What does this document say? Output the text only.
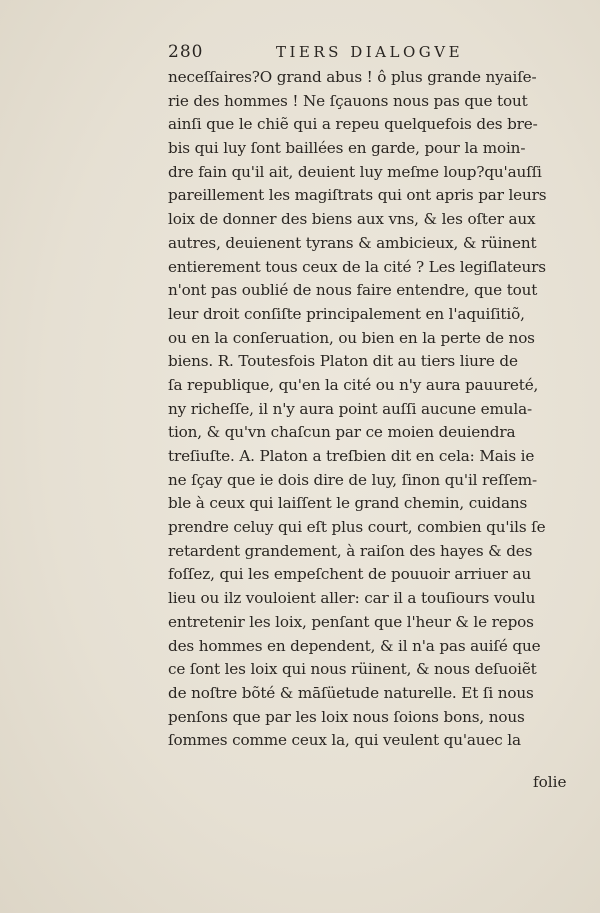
280	TIERS DIALOGVE
neceſſaires?O grand abus ! ô plus grande nyaiſe-
rie des hommes ! Ne ſçauons nous pas que tout
ainſi que le chiẽ qui a repeu quelquefois des bre-
bis qui luy ſont baillées en garde, pour la moin-
dre fain qu'il ait, deuient luy meſme loup?qu'auſſi
pareillement les magiſtrats qui ont apris par leurs
loix de donner des biens aux vns, & les oſter aux
autres, deuienent tyrans & ambicieux, & rüinent
entierement tous ceux de la cité ? Les legiſlateurs
n'ont pas oublié de nous faire entendre, que tout
leur droit conſiſte principalement en l'aquiſitiõ,
ou en la conſeruation, ou bien en la perte de nos
biens. R. Toutesfois Platon dit au tiers liure de
ſa republique, qu'en la cité ou n'y aura pauureté,
ny richeſſe, il n'y aura point auſſi aucune emula-
tion, & qu'vn chaſcun par ce moien deuiendra
treſiuſte. A. Platon a treſbien dit en cela: Mais ie
ne ſçay que ie dois dire de luy, ſinon qu'il reſſem-
ble à ceux qui laiſſent le grand chemin, cuidans
prendre celuy qui eſt plus court, combien qu'ils ſe
retardent grandement, à raiſon des hayes & des
foſſez, qui les empeſchent de pouuoir arriuer au
lieu ou ilz vouloient aller: car il a touſiours voulu
entretenir les loix, penſant que l'heur & le repos
des hommes en dependent, & il n'a pas auiſé que
ce ſont les loix qui nous rüinent, & nous deſuoiẽt
de noſtre bõté & māſüetude naturelle. Et ſi nous
penſons que par les loix nous ſoions bons, nous
ſommes comme ceux la, qui veulent qu'auec la
folie
